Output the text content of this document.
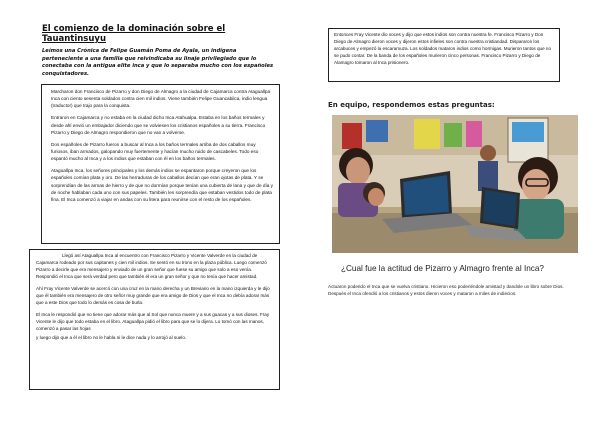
El comienzo de la dominación sobre el Tauantinsuyu
Leímos una Crónica de Felipe Guamán Poma de Ayala, un indígena perteneciente a una familia que reivindicaba su linaje privilegiado que lo conectaba con la antigua elite inca y que lo separaba mucho con los españoles conquistadores.

Marcharon don Francisco de Pizarro y don Diego de Almagro a la ciudad de Cajamarca contra Ataguallpa Inca con ciento sesenta soldados contra cien mil indios. Viene también Felipe Guancabilca, indio lengua (traductor) que trajo para la conquista.

Entraron en Cajamarca y no estaba en la ciudad dicho Inca Atahualpa. Estaba en los baños termales y desde ahí envió un embajador diciendo que se volviesen los cristianos españoles a su tierra. Francisco Pizarro y Diego de Almagro respondieron que no van a volverse.

Dos españoles de Pizarro fueron a buscar al Inca a los baños termales arriba de dos caballos muy furiosos, iban armados, galopando muy fuertemente y hacían mucho ruido de cascabeles. Todo eso espantó mucho al Inca y a los indios que estaban con él en los baños termales.

Ataguallpa Inca, los señores principales y los demás indios se espantaron porque creyeron que los españoles comían plata y oro. De las herraduras de los caballos decían que eran ojotas de plata. Y se sorprendían de las armas de hierro y de que no dormían porque tenían una cubierta de lana y que de día y de noche hablaban cada uno con sus papeles. También les sorprendía que estaban vestidos todo de plata fina. El Inca comenzó a viajar en andas con su litera para reunirse con el resto de los españoles.

Llegó así Ataguallpa Inca al encuentro con Francisco Pizarro y Vicente Valverde en la ciudad de Cajamarca rodeado por sus capitanes y cien mil indios. Se sentó en su trono en la plaza pública. Luego comenzó Pizarro a decirle que era mensajero y enviado de un gran señor que fuese su amigo que solo a eso venía. Respondió el Inca que será verdad pero que también él era un gran señor y que no tenía que hacer amistad.

Ahí Fray Vicente Valverde se acercó con una cruz en la mano derecha y un Breviario en la mano izquierda y le dijo que él también era mensajero de otro señor muy grande que era amigo de Dios y que el Inca no debía adorar más que a este Dios que todo lo demás es cosa de burla.

El Inca le respondió que no tiene que adorar más que al Sol que nunca muere y a sus guacas y a sus dioses. Fray Vicente le dijo que todo estaba en el libro. Ataguallpa pidió el libro para que se lo dijera. Lo tomó con las manos, comenzó a pasar las hojas

y luego dijo que a él el libro no le habla ni le dice nada y lo arrojó al suelo.

Entonces Fray Vicente dio voces y dijo que estos indios son contra nuestra fe. Francisco Pizarro y Don Diego de Almagro dieron voces y dijeron estos infieles son contra nuestra cristiandad. Dispararon los arcabuces y empezó la escaramuza. Los soldados mataron indios como hormigas. Murieron tantos que no se pudo contar. De la banda de los españoles murieron cinco personas. Francisco Pizarro y Diego de Alamagro tomaron al Inca prisionero.

En equipo, respondemos estas preguntas:
¿Cual fue la actitud de Pizarro y Almagro frente al Inca?
Actuaron poderido el Inca que se vuelva cristiano. Hicieron eso poderiéndole amistad y dandole un libro sobre Dios. Después el Inca ofendió a los cristianos y estos dieron voces y mataron a miles de indiecios.
